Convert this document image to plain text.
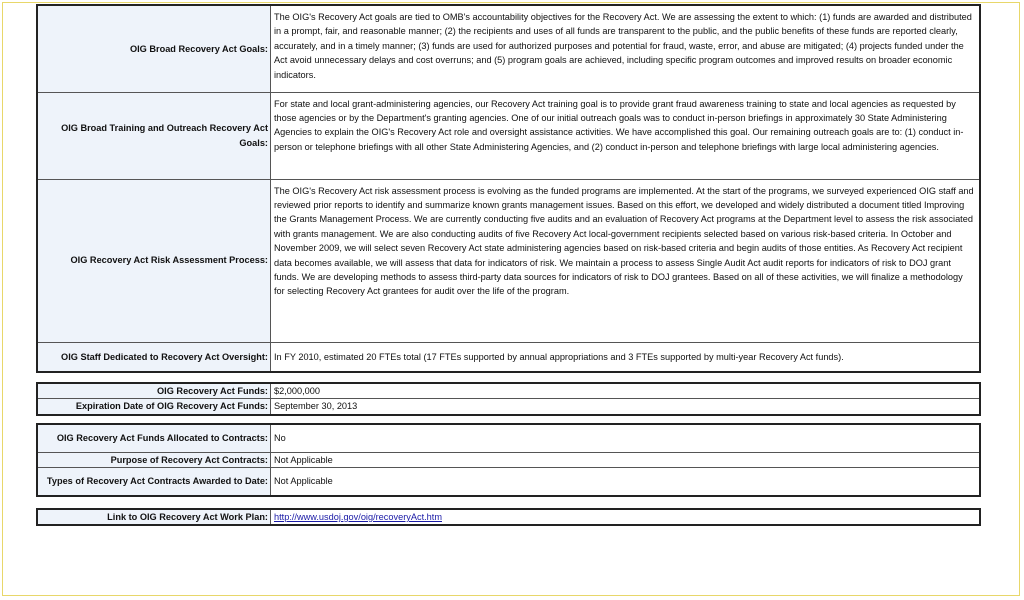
OIG Broad Recovery Act Goals:	The OIG's Recovery Act goals are tied to OMB's accountability objectives for the Recovery Act. We are assessing the extent to which: (1) funds are awarded and distributed in a prompt, fair, and reasonable manner; (2) the recipients and uses of all funds are transparent to the public, and the public benefits of these funds are reported clearly, accurately, and in a timely manner; (3) funds are used for authorized purposes and potential for fraud, waste, error, and abuse are mitigated; (4) projects funded under the Act avoid unnecessary delays and cost overruns; and (5) program goals are achieved, including specific program outcomes and improved results on broader economic indicators.
OIG Broad Training and Outreach Recovery Act Goals:	For state and local grant-administering agencies, our Recovery Act training goal is to provide grant fraud awareness training to state and local agencies as requested by those agencies or by the Department's granting agencies. One of our initial outreach goals was to conduct in-person briefings in approximately 30 State Administering Agencies to explain the OIG's Recovery Act role and oversight assistance activities. We have accomplished this goal. Our remaining outreach goals are to: (1) conduct in-person or telephone briefings with all other State Administering Agencies, and (2) conduct in-person and telephone briefings with large local administering agencies.
OIG Recovery Act Risk Assessment Process:	The OIG's Recovery Act risk assessment process is evolving as the funded programs are implemented. At the start of the programs, we surveyed experienced OIG staff and reviewed prior reports to identify and summarize known grants management issues. Based on this effort, we developed and widely distributed a document titled Improving the Grants Management Process. We are currently conducting five audits and an evaluation of Recovery Act programs at the Department level to assess the risk associated with grants management. We are also conducting audits of five Recovery Act local-government recipients selected based on various risk-based criteria. In October and November 2009, we will select seven Recovery Act state administering agencies based on risk-based criteria and begin audits of those entities. As Recovery Act recipient data becomes available, we will assess that data for indicators of risk. We maintain a process to assess Single Audit Act audit reports for indicators of risk to DOJ grant funds. We are developing methods to assess third-party data sources for indicators of risk to DOJ grantees. Based on all of these activities, we will finalize a methodology for selecting Recovery Act grantees for audit over the life of the program.
OIG Staff Dedicated to Recovery Act Oversight:	In FY 2010, estimated 20 FTEs total (17 FTEs supported by annual appropriations and 3 FTEs supported by multi-year Recovery Act funds).
OIG Recovery Act Funds:	$2,000,000
Expiration Date of OIG Recovery Act Funds:	September 30, 2013
OIG Recovery Act Funds Allocated to Contracts:	No
Purpose of Recovery Act Contracts:	Not Applicable
Types of Recovery Act Contracts Awarded to Date:	Not Applicable
Link to OIG Recovery Act Work Plan:	http://www.usdoj.gov/oig/recoveryAct.htm
